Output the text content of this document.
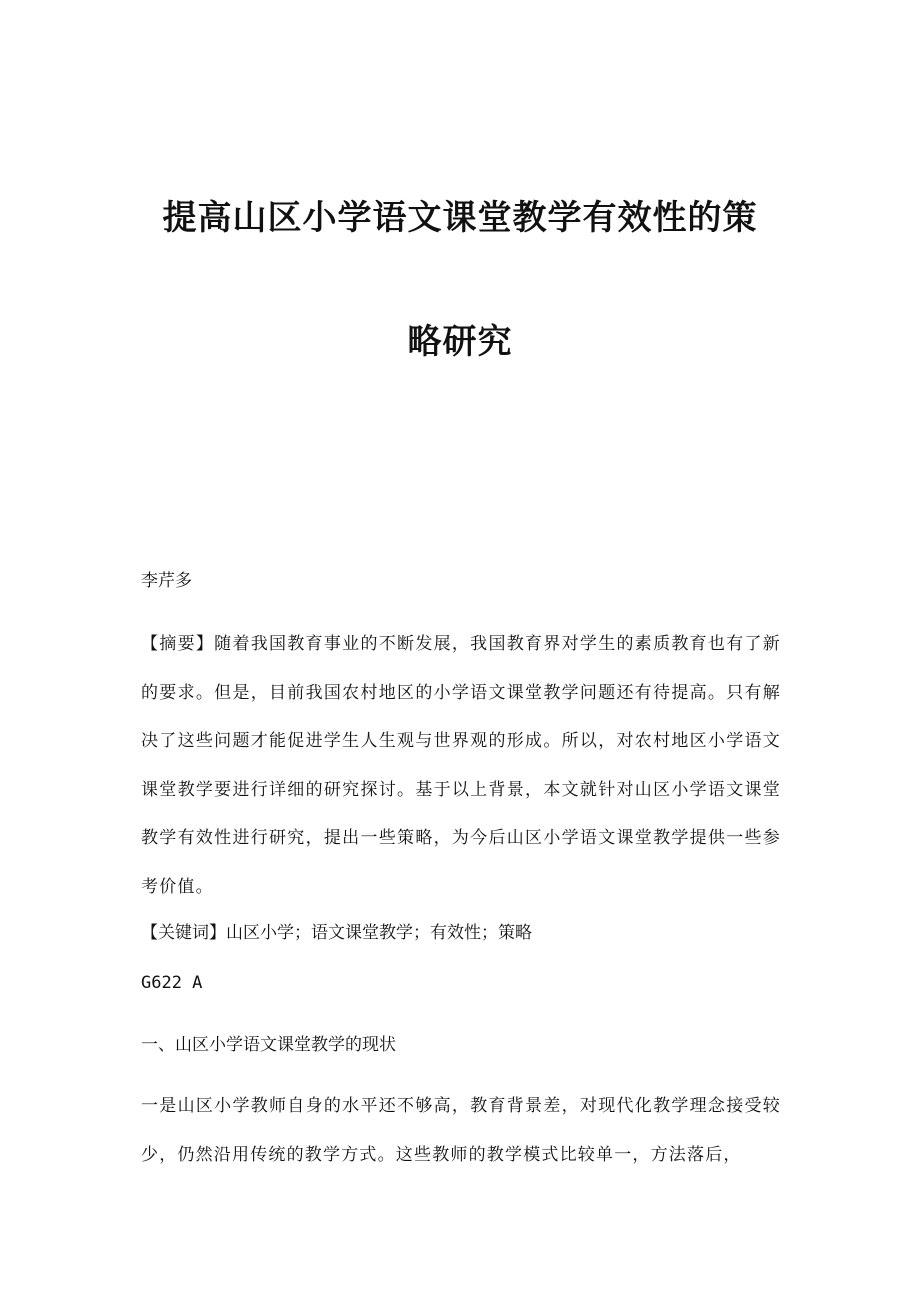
提高山区小学语文课堂教学有效性的策
略研究
李芹多
【摘要】随着我国教育事业的不断发展，我国教育界对学生的素质教育也有了新的要求。但是，目前我国农村地区的小学语文课堂教学问题还有待提高。只有解决了这些问题才能促进学生人生观与世界观的形成。所以，对农村地区小学语文课堂教学要进行详细的研究探讨。基于以上背景，本文就针对山区小学语文课堂教学有效性进行研究，提出一些策略，为今后山区小学语文课堂教学提供一些参考价值。
【关键词】山区小学；语文课堂教学；有效性；策略
G622 A
一、山区小学语文课堂教学的现状
一是山区小学教师自身的水平还不够高，教育背景差，对现代化教学理念接受较少，仍然沿用传统的教学方式。这些教师的教学模式比较单一，方法落后，
